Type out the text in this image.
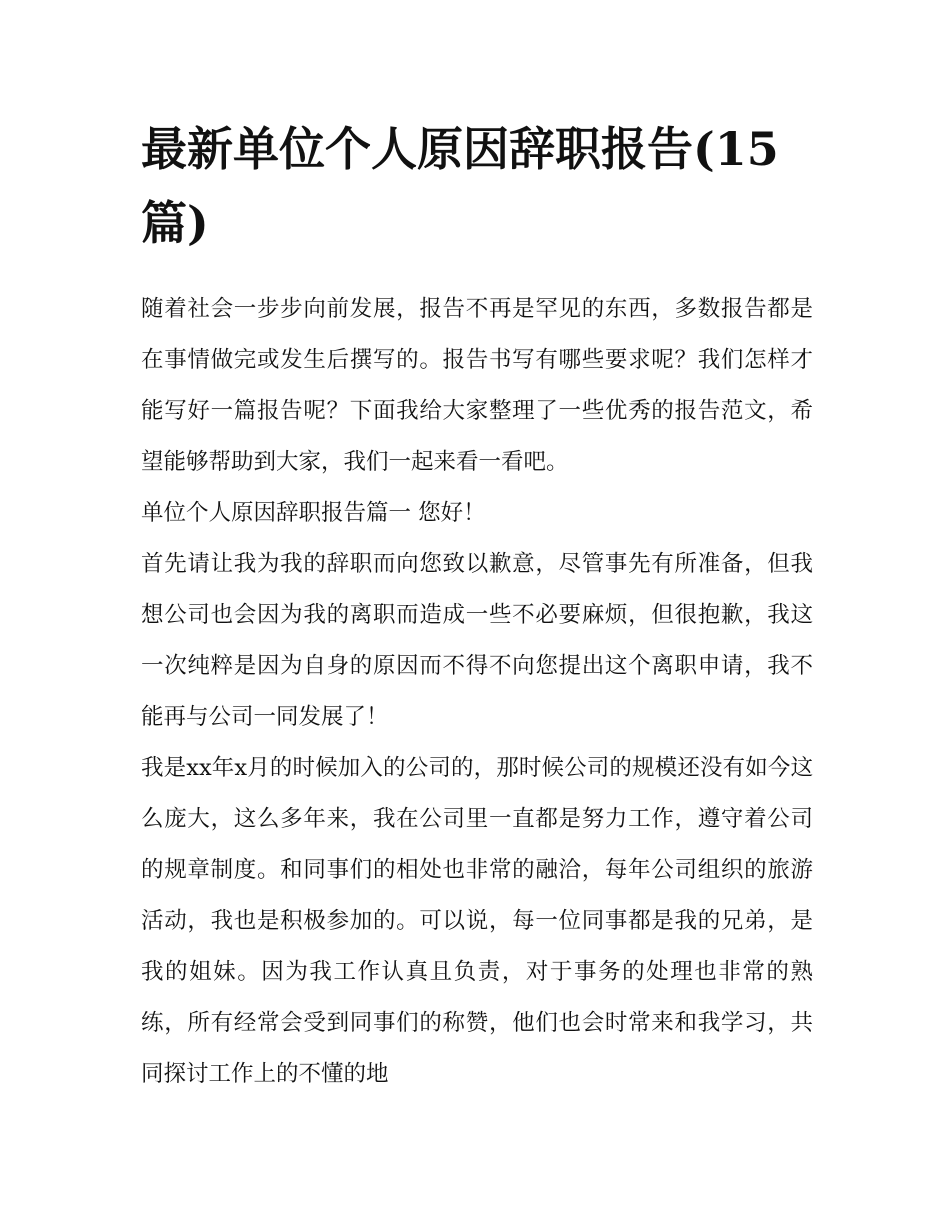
最新单位个人原因辞职报告(15篇)

随着社会一步步向前发展，报告不再是罕见的东西，多数报告都是在事情做完或发生后撰写的。报告书写有哪些要求呢？我们怎样才能写好一篇报告呢？下面我给大家整理了一些优秀的报告范文，希望能够帮助到大家，我们一起来看一看吧。

单位个人原因辞职报告篇一 您好！

首先请让我为我的辞职而向您致以歉意，尽管事先有所准备，但我想公司也会因为我的离职而造成一些不必要麻烦，但很抱歉，我这一次纯粹是因为自身的原因而不得不向您提出这个离职申请，我不能再与公司一同发展了！

我是xx年x月的时候加入的公司的，那时候公司的规模还没有如今这么庞大，这么多年来，我在公司里一直都是努力工作，遵守着公司的规章制度。和同事们的相处也非常的融洽，每年公司组织的旅游活动，我也是积极参加的。可以说，每一位同事都是我的兄弟，是我的姐妹。因为我工作认真且负责，对于事务的处理也非常的熟练，所有经常会受到同事们的称赞，他们也会时常来和我学习，共同探讨工作上的不懂的地
